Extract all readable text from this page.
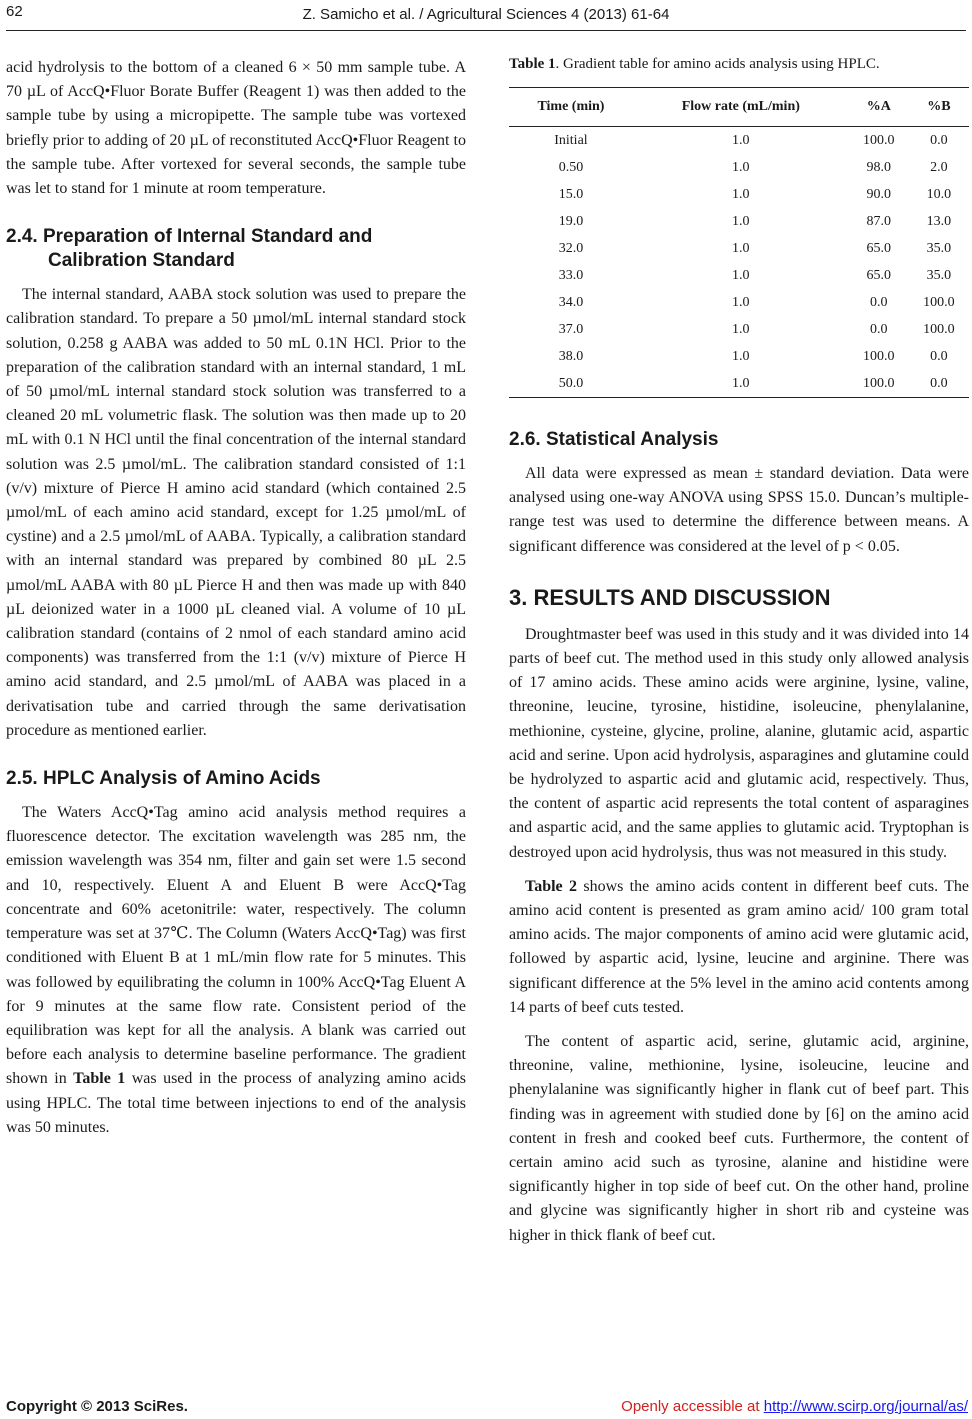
62	Z. Samicho et al. / Agricultural Sciences 4 (2013) 61-64

acid hydrolysis to the bottom of a cleaned 6 × 50 mm sample tube. A 70 µL of AccQ•Fluor Borate Buffer (Reagent 1) was then added to the sample tube by using a micropipette. The sample tube was vortexed briefly prior to adding of 20 µL of reconstituted AccQ•Fluor Reagent to the sample tube. After vortexed for several seconds, the sample tube was let to stand for 1 minute at room temperature.

2.4. Preparation of Internal Standard and
Calibration Standard

The internal standard, AABA stock solution was used to prepare the calibration standard. To prepare a 50 µmol/mL internal standard stock solution, 0.258 g AABA was added to 50 mL 0.1N HCl. Prior to the preparation of the calibration standard with an internal standard, 1 mL of 50 µmol/mL internal standard stock solution was transferred to a cleaned 20 mL volumetric flask. The solution was then made up to 20 mL with 0.1 N HCl until the final concentration of the internal standard solution was 2.5 µmol/mL. The calibration standard consisted of 1:1 (v/v) mixture of Pierce H amino acid standard (which contained 2.5 µmol/mL of each amino acid standard, except for 1.25 µmol/mL of cystine) and a 2.5 µmol/mL of AABA. Typically, a calibration standard with an internal standard was prepared by combined 80 µL 2.5 µmol/mL AABA with 80 µL Pierce H and then was made up with 840 µL deionized water in a 1000 µL cleaned vial. A volume of 10 µL calibration standard (contains of 2 nmol of each standard amino acid components) was transferred from the 1:1 (v/v) mixture of Pierce H amino acid standard, and 2.5 µmol/mL of AABA was placed in a derivatisation tube and carried through the same derivatisation procedure as mentioned earlier.

2.5. HPLC Analysis of Amino Acids

The Waters AccQ•Tag amino acid analysis method requires a fluorescence detector. The excitation wavelength was 285 nm, the emission wavelength was 354 nm, filter and gain set were 1.5 second and 10, respectively. Eluent A and Eluent B were AccQ•Tag concentrate and 60% acetonitrile: water, respectively. The column temperature was set at 37℃. The Column (Waters AccQ•Tag) was first conditioned with Eluent B at 1 mL/min flow rate for 5 minutes. This was followed by equilibrating the column in 100% AccQ•Tag Eluent A for 9 minutes at the same flow rate. Consistent period of the equilibration was kept for all the analysis. A blank was carried out before each analysis to determine baseline performance. The gradient shown in Table 1 was used in the process of analyzing amino acids using HPLC. The total time between injections to end of the analysis was 50 minutes.

Table 1. Gradient table for amino acids analysis using HPLC.

Time (min)	Flow rate (mL/min)	%A	%B
Initial	1.0	100.0	0.0
0.50	1.0	98.0	2.0
15.0	1.0	90.0	10.0
19.0	1.0	87.0	13.0
32.0	1.0	65.0	35.0
33.0	1.0	65.0	35.0
34.0	1.0	0.0	100.0
37.0	1.0	0.0	100.0
38.0	1.0	100.0	0.0
50.0	1.0	100.0	0.0
2.6. Statistical Analysis

All data were expressed as mean ± standard deviation. Data were analysed using one-way ANOVA using SPSS 15.0. Duncan’s multiple-range test was used to determine the difference between means. A significant difference was considered at the level of p < 0.05.

3. RESULTS AND DISCUSSION

Droughtmaster beef was used in this study and it was divided into 14 parts of beef cut. The method used in this study only allowed analysis of 17 amino acids. These amino acids were arginine, lysine, valine, threonine, leucine, tyrosine, histidine, isoleucine, phenylalanine, methionine, cysteine, glycine, proline, alanine, glutamic acid, aspartic acid and serine. Upon acid hydrolysis, asparagines and glutamine could be hydrolyzed to aspartic acid and glutamic acid, respectively. Thus, the content of aspartic acid represents the total content of asparagines and aspartic acid, and the same applies to glutamic acid. Tryptophan is destroyed upon acid hydrolysis, thus was not measured in this study.

Table 2 shows the amino acids content in different beef cuts. The amino acid content is presented as gram amino acid/ 100 gram total amino acids. The major components of amino acid were glutamic acid, followed by aspartic acid, lysine, leucine and arginine. There was significant difference at the 5% level in the amino acid contents among 14 parts of beef cuts tested.

The content of aspartic acid, serine, glutamic acid, arginine, threonine, valine, methionine, lysine, isoleucine, leucine and phenylalanine was significantly higher in flank cut of beef part. This finding was in agreement with studied done by [6] on the amino acid content in fresh and cooked beef cuts. Furthermore, the content of certain amino acid such as tyrosine, alanine and histidine were significantly higher in top side of beef cut. On the other hand, proline and glycine was significantly higher in short rib and cysteine was higher in thick flank of beef cut.

Copyright © 2013 SciRes.	Openly accessible at http://www.scirp.org/journal/as/
